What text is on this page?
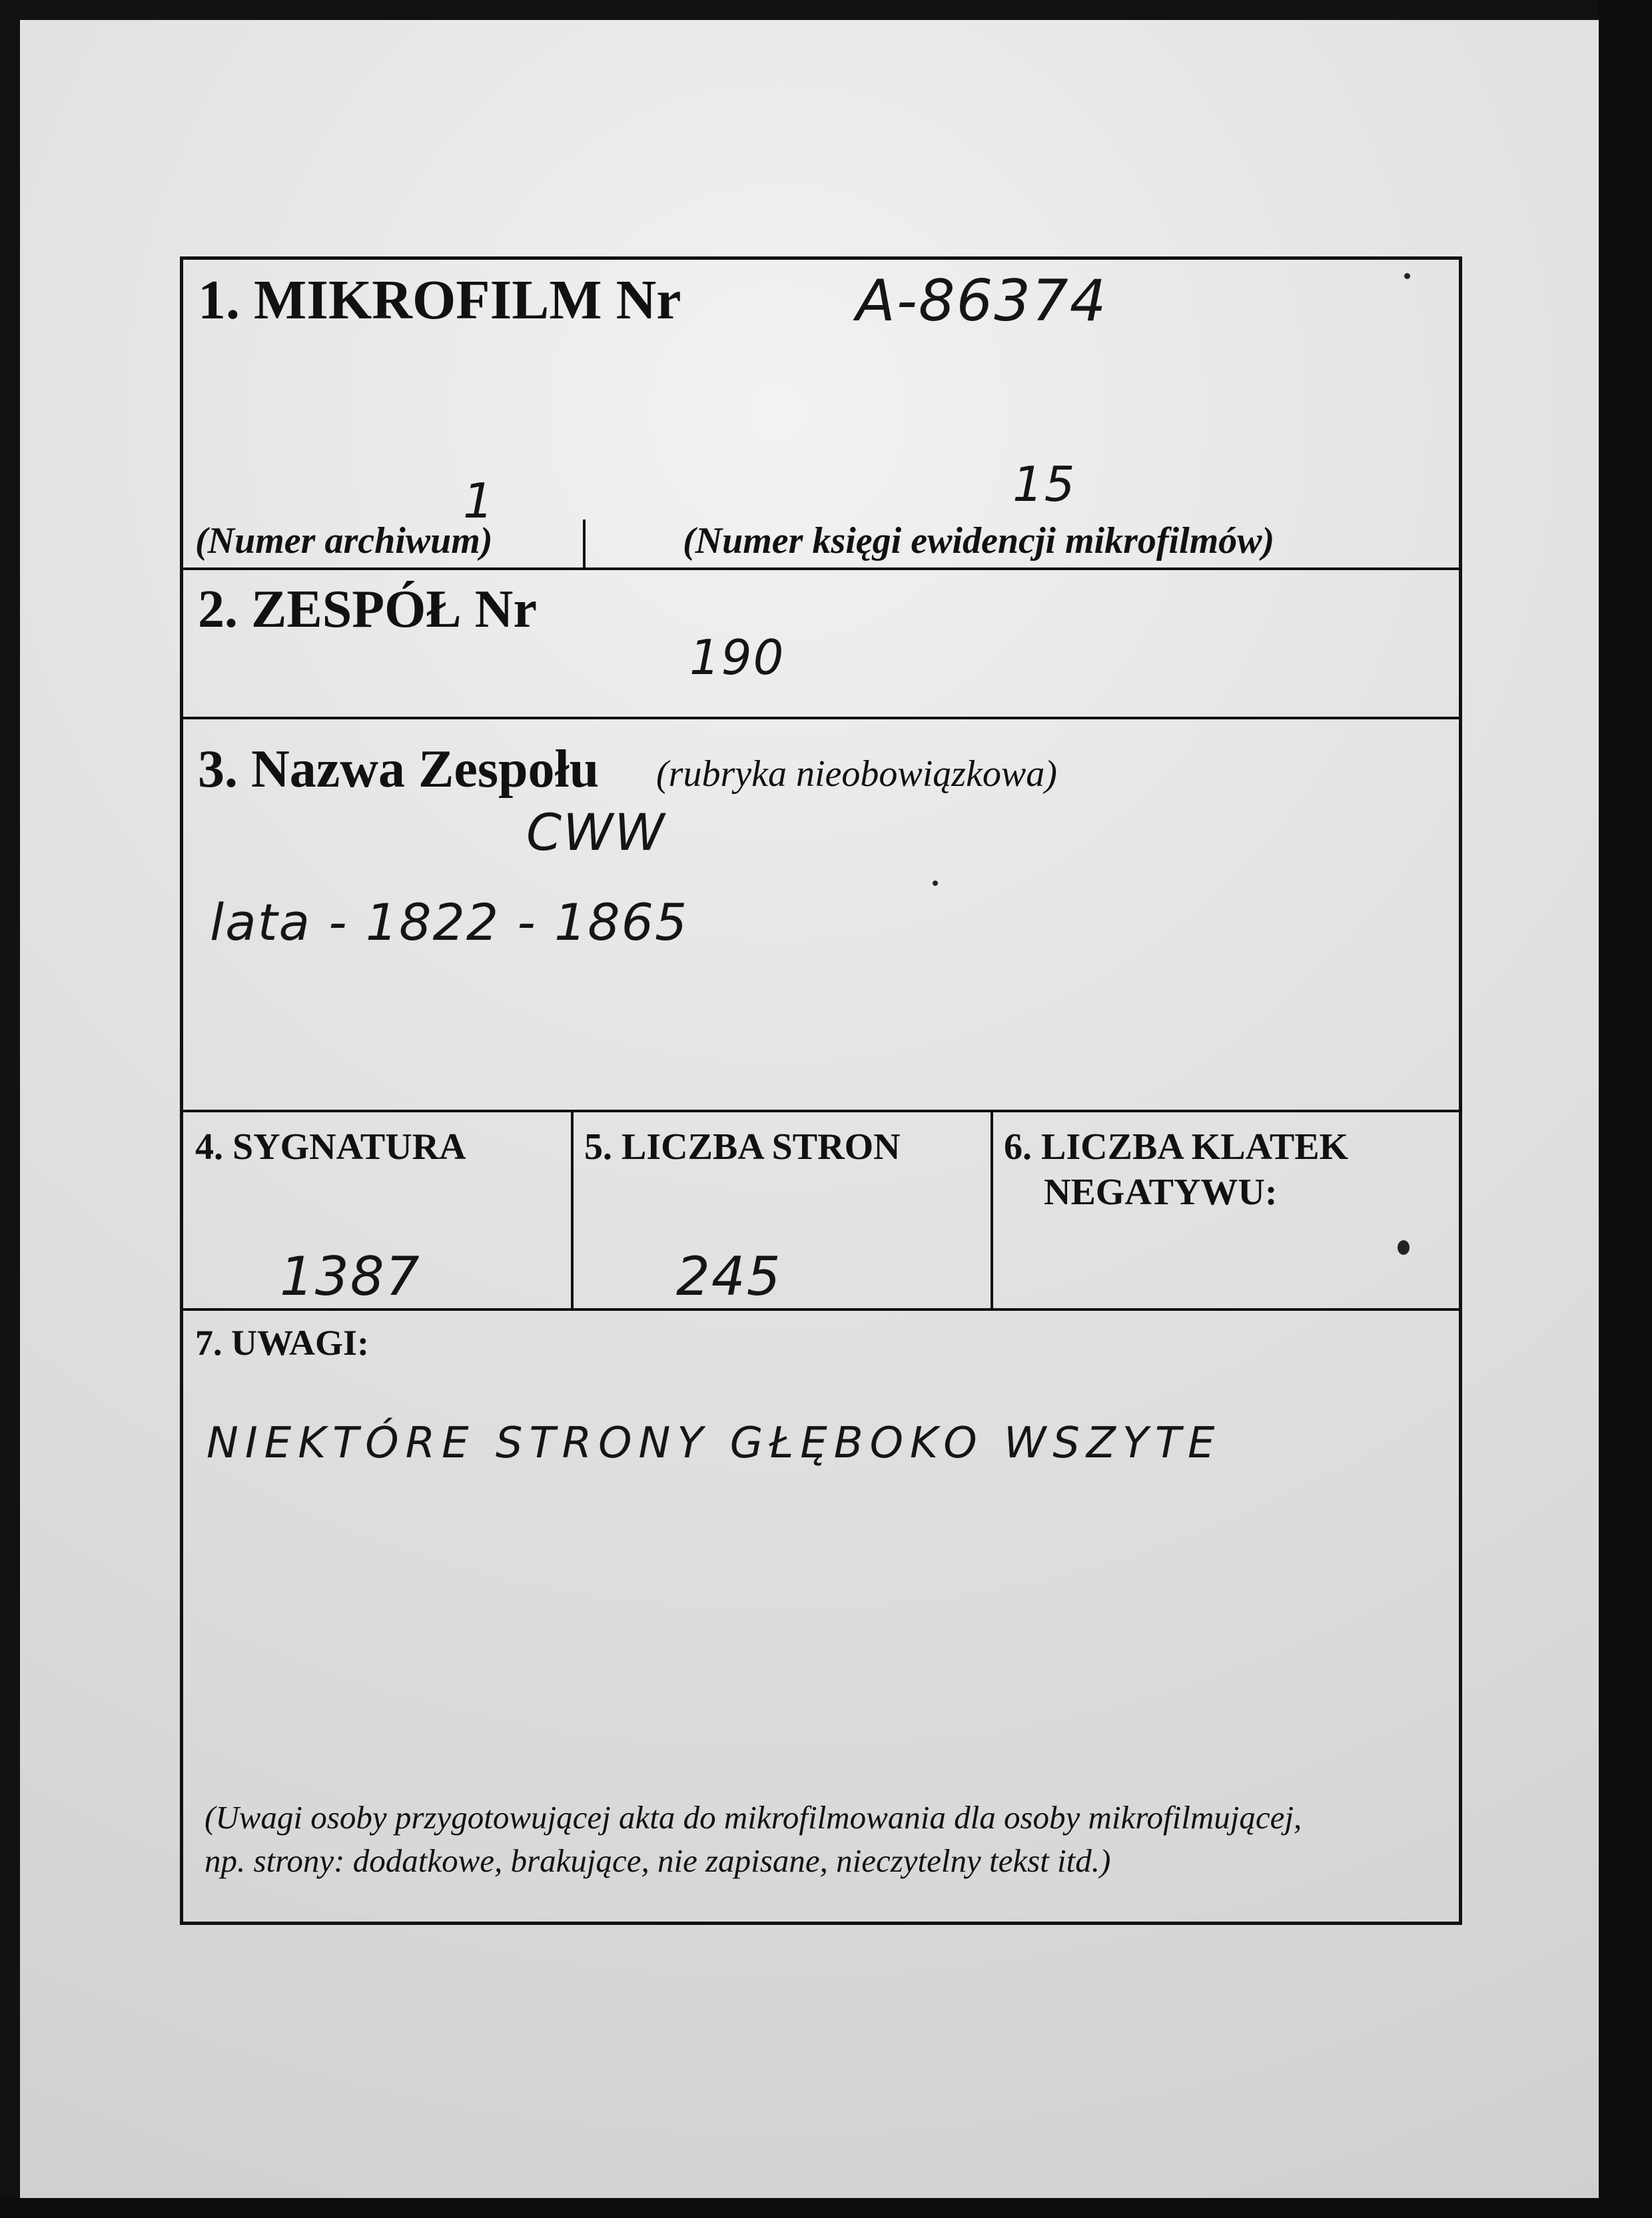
1. MIKROFILM Nr	A-86374
1	15
(Numer archiwum)	(Numer księgi ewidencji mikrofilmów)
2. ZESPÓŁ Nr
190
3. Nazwa Zespołu (rubryka nieobowiązkowa)
CWW
lata - 1822 - 1865
4. SYGNATURA
1387
5. LICZBA STRON
245
6. LICZBA KLATEK
NEGATYWU:
7. UWAGI:
NIEKTÓRE STRONY GŁĘBOKO WSZYTE
(Uwagi osoby przygotowującej akta do mikrofilmowania dla osoby mikrofilmującej,
np. strony: dodatkowe, brakujące, nie zapisane, nieczytelny tekst itd.)
